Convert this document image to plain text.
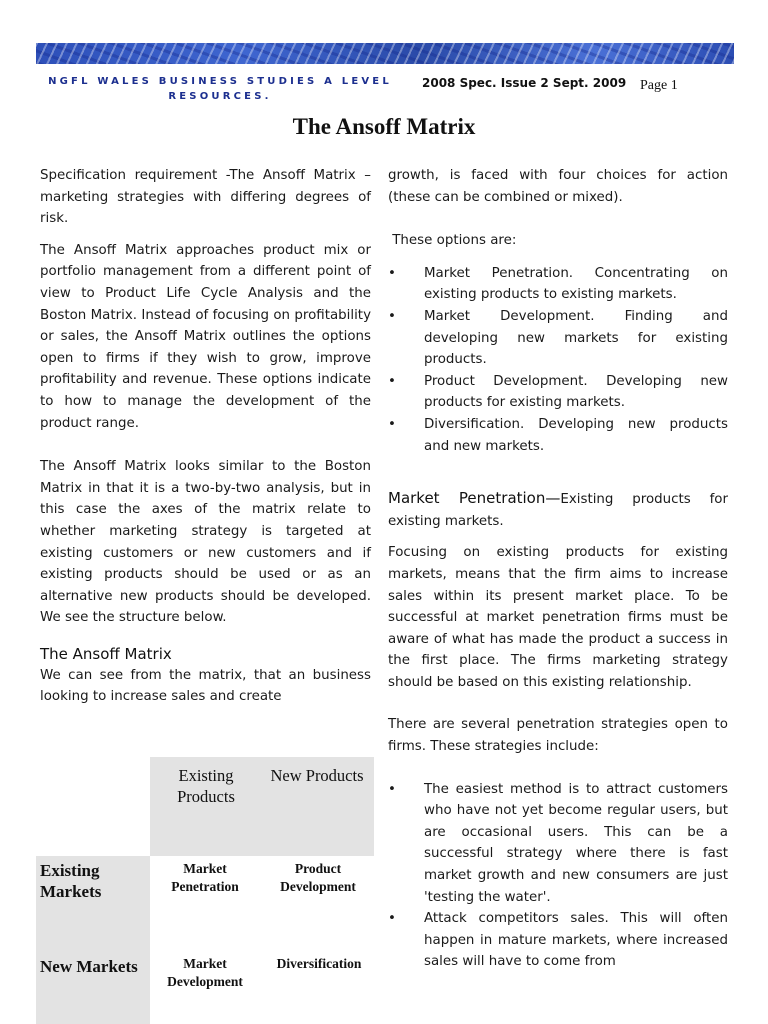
NGFL WALES BUSINESS STUDIES A LEVEL RESOURCES.
2008 Spec. Issue 2 Sept. 2009 Page 1
The Ansoff Matrix

Specification requirement -The Ansoff Matrix – marketing strategies with differing degrees of risk.

The Ansoff Matrix approaches product mix or portfolio management from a different point of view to Product Life Cycle Analysis and the Boston Matrix. Instead of focusing on profitability or sales, the Ansoff Matrix outlines the options open to firms if they wish to grow, improve profitability and revenue. These options indicate to how to manage the development of the product range.

The Ansoff Matrix looks similar to the Boston Matrix in that it is a two-by-two analysis, but in this case the axes of the matrix relate to whether marketing strategy is targeted at existing customers or new customers and if existing products should be used or as an alternative new products should be developed. We see the structure below.

The Ansoff Matrix

We can see from the matrix, that an business looking to increase sales and create

Existing Products
New Products
Existing Markets
New Markets
Market Penetration
Product Development
Market Development
Diversification

growth, is faced with four choices for action (these can be combined or mixed).

These options are:

• Market Penetration. Concentrating on existing products to existing markets.
• Market Development. Finding and developing new markets for existing products.
• Product Development. Developing new products for existing markets.
• Diversification. Developing new products and new markets.

Market Penetration—Existing products for existing markets.

Focusing on existing products for existing markets, means that the firm aims to increase sales within its present market place. To be successful at market penetration firms must be aware of what has made the product a success in the first place. The firms marketing strategy should be based on this existing relationship.

There are several penetration strategies open to firms. These strategies include:

• The easiest method is to attract customers who have not yet become regular users, but are occasional users. This can be a successful strategy where there is fast market growth and new consumers are just 'testing the water'.
• Attack competitors sales. This will often happen in mature markets, where increased sales will have to come from
